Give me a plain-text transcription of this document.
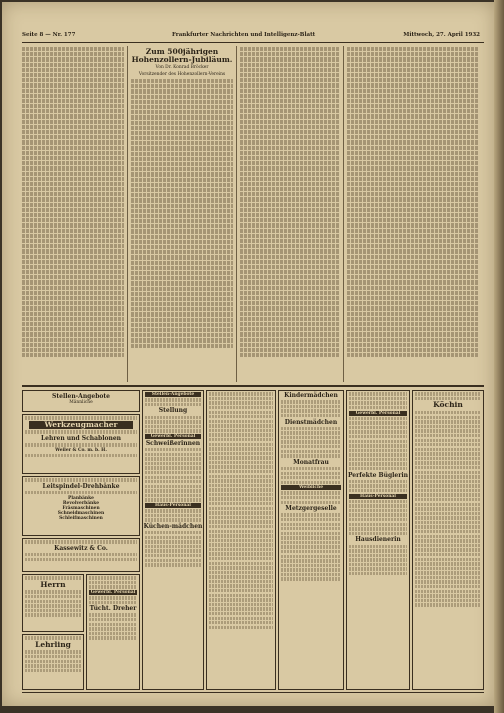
Seite 8 — Nr. 177	Frankfurter Nachrichten und Intelligenz-Blatt	Mittwoch, 27. April 1932
Zum 500jährigen Hohenzollern-Jubiläum.
Von Dr. Konrad Bröcker
Vorsitzender des Hohenzollern-Vereins
Stellen-Angebote
Männliche
Werkzeugmacher
Lehren und Schablonen
Weiler & Co. m. b. H.
Leitspindel-Drehbänke
Planbänke
Revolverbänke
Fräsmaschinen
Schneidmaschinen
Schleifmaschinen
Kassewitz & Co.
Herrn
Lehrling
Gewerbl. Personal
Tücht. Dreher
Stellen-Angebote
Stellung
Gewerbl. Personal
Schweißerinnen
Haus-Personal
Küchen-mädchen
Kindermädchen
Dienstmädchen
Monatfrau
Weibliche
Metzgergeselle
Gewerbl. Personal
Perfekte Büglerin
Haus-Personal
Hausdienerin
Köchin
